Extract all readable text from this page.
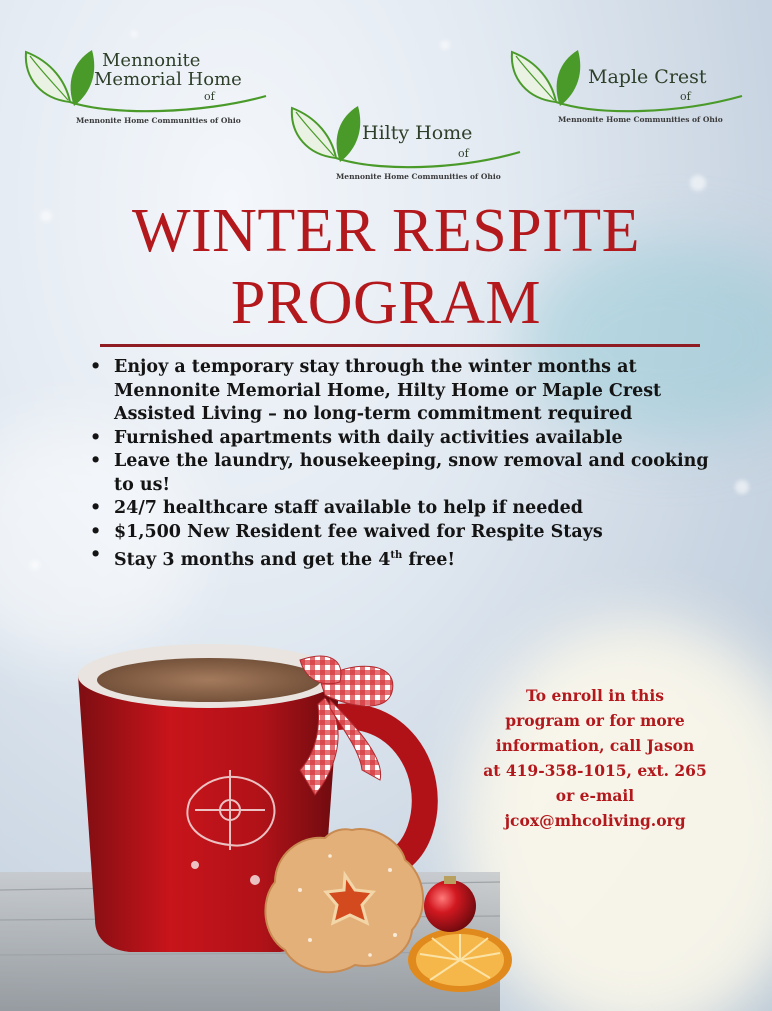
Mennonite
Memorial Home
of
Mennonite Home Communities of Ohio
Hilty Home
of
Mennonite Home Communities of Ohio
Maple Crest
of
Mennonite Home Communities of Ohio
WINTER RESPITE
PROGRAM
• Enjoy a temporary stay through the winter months at Mennonite Memorial Home, Hilty Home or Maple Crest Assisted Living – no long-term commitment required
• Furnished apartments with daily activities available
• Leave the laundry, housekeeping, snow removal and cooking to us!
• 24/7 healthcare staff available to help if needed
• $1,500 New Resident fee waived for Respite Stays
• Stay 3 months and get the 4th free!
To enroll in this
program or for more
information, call Jason
at 419-358-1015, ext. 265
or e-mail
jcox@mhcoliving.org
